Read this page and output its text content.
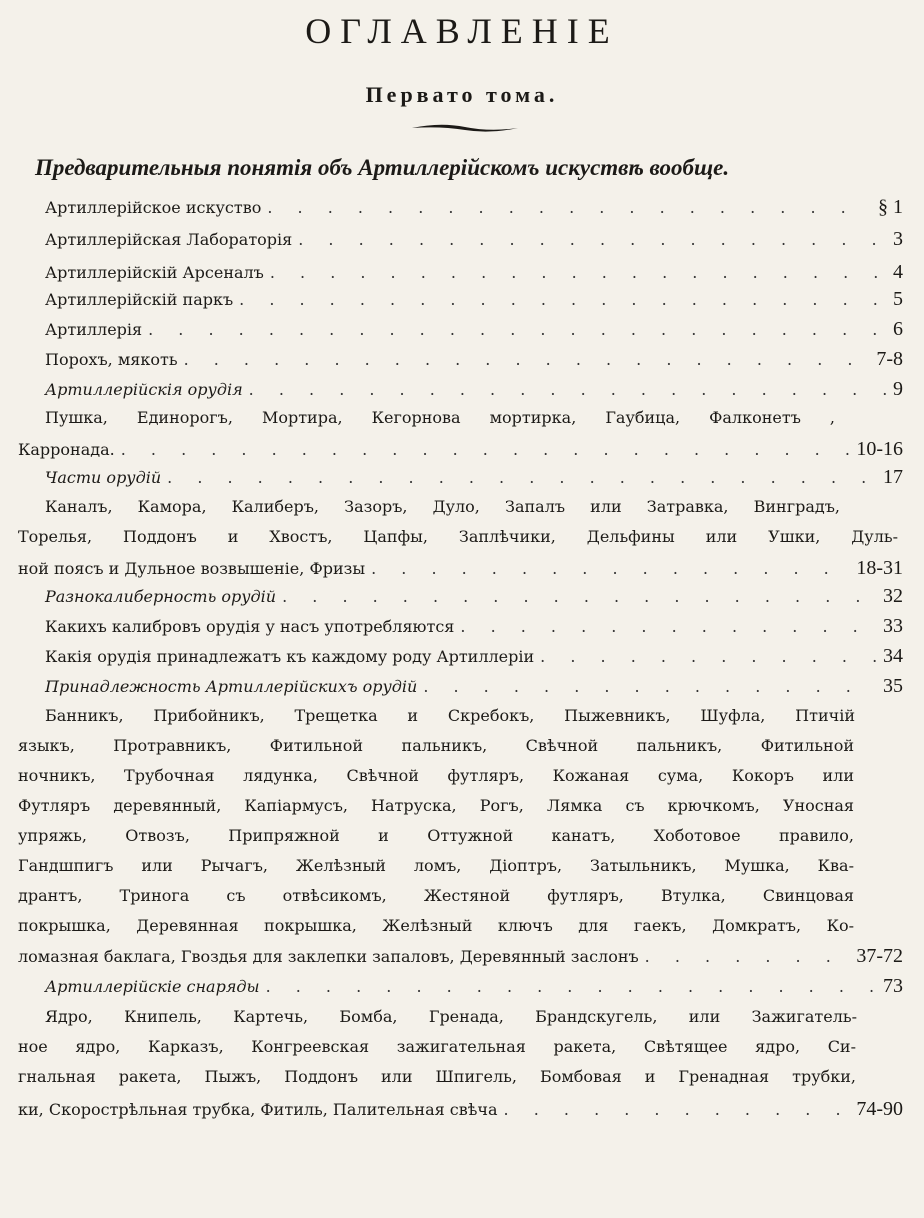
ОГЛАВЛЕНІЕ
Первато тома.
Предварительныя понятія объ Артиллерійскомъ искуствѣ вообще.
Артиллерійское искуство . . .	§ 1
Артиллерійская Лабораторія . . .	3
Артиллерійскій Арсеналъ . . .	4
Артиллерійскій паркъ . . .	5
Артиллерія . . .	6
Порохъ, мякоть . . .	7-8
Артиллерійскія орудія . . .	9
Пушка, Единорогъ, Мортира, Кегорнова мортирка, Гаубица, Фалконетъ ,
Карронада. . . .	10-16
Части орудій . . .	17
Каналъ, Камора, Калиберъ, Зазоръ, Дуло, Запалъ или Затравка, Винградъ,
Торелья, Поддонъ и Хвостъ, Цапфы, Заплѣчики, Дельфины или Ушки, Дуль-
ной поясъ и Дульное возвышеніе, Фризы . . .	18-31
Разнокалиберность орудій . . .	32
Какихъ калибровъ орудія у насъ употребляются . . .	33
Какія орудія принадлежатъ къ каждому роду Артиллеріи . . .	34
Принадлежность Артиллерійскихъ орудій . . .	35
Банникъ, Прибойникъ, Трещетка и Скребокъ, Пыжевникъ, Шуфла, Птичій
языкъ, Протравникъ, Фитильной пальникъ, Свѣчной пальникъ, Фитильной
ночникъ, Трубочная лядунка, Свѣчной футляръ, Кожаная сума, Кокоръ или
Футляръ деревянный, Капіармусъ, Натруска, Рогъ, Лямка съ крючкомъ, Уносная
упряжь, Отвозъ, Припряжной и Оттужной канатъ, Хоботовое правило,
Гандшпигъ или Рычагъ, Желѣзный ломъ, Діоптръ, Затыльникъ, Мушка, Ква-
дрантъ, Тринога съ отвѣсикомъ, Жестяной футляръ, Втулка, Свинцовая
покрышка, Деревянная покрышка, Желѣзный ключъ для гаекъ, Домкратъ, Ко-
ломазная баклага, Гвоздья для заклепки запаловъ, Деревянный заслонъ . . .	37-72
Артиллерійскіе снаряды . . .	73
Ядро, Книпель, Картечь, Бомба, Гренада, Брандскугель, или Зажигатель-
ное ядро, Карказъ, Конгреевская зажигательная ракета, Свѣтящее ядро, Си-
гнальная ракета, Пыжъ, Поддонъ или Шпигель, Бомбовая и Гренадная трубки,
ки, Скорострѣльная трубка, Фитиль, Палительная свѣча . . .	74-90
